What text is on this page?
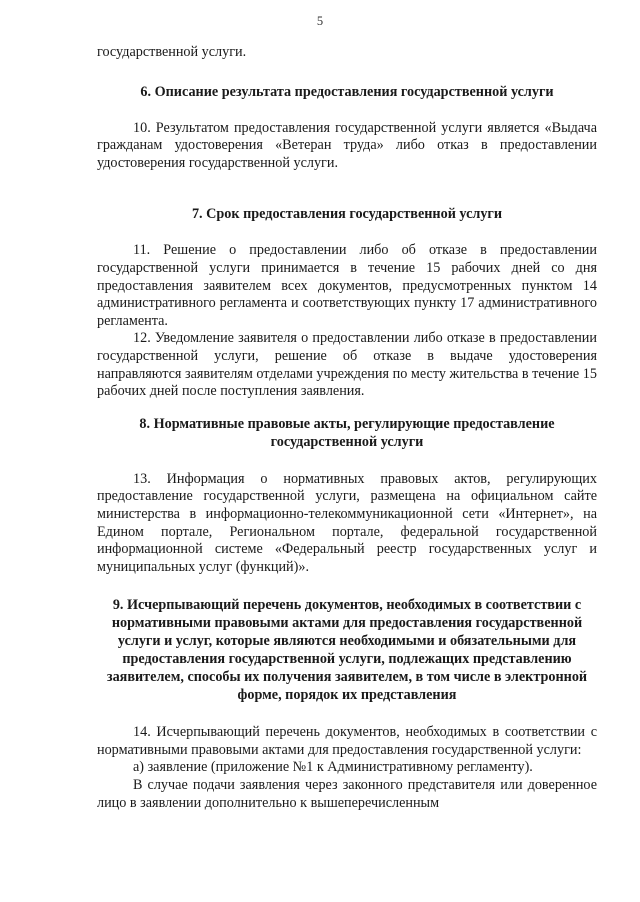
5

государственной услуги.

6. Описание результата предоставления государственной услуги

10. Результатом предоставления государственной услуги является «Выдача гражданам удостоверения «Ветеран труда» либо отказ в предоставлении удостоверения государственной услуги.

7. Срок предоставления государственной услуги

11. Решение о предоставлении либо об отказе в предоставлении государственной услуги принимается в течение 15 рабочих дней со дня предоставления заявителем всех документов, предусмотренных пунктом 14 административного регламента и соответствующих пункту 17 административного регламента.

12. Уведомление заявителя о предоставлении либо отказе в предоставлении государственной услуги, решение об отказе в выдаче удостоверения направляются заявителям отделами учреждения по месту жительства в течение 15 рабочих дней после поступления заявления.

8. Нормативные правовые акты, регулирующие предоставление государственной услуги

13. Информация о нормативных правовых актов, регулирующих предоставление государственной услуги, размещена на официальном сайте министерства в информационно-телекоммуникационной сети «Интернет», на Едином портале, Региональном портале, федеральной государственной информационной системе «Федеральный реестр государственных услуг и муниципальных услуг (функций)».

9. Исчерпывающий перечень документов, необходимых в соответствии с нормативными правовыми актами для предоставления государственной услуги и услуг, которые являются необходимыми и обязательными для предоставления государственной услуги, подлежащих представлению заявителем, способы их получения заявителем, в том числе в электронной форме, порядок их представления

14. Исчерпывающий перечень документов, необходимых в соответствии с нормативными правовыми актами для предоставления государственной услуги:

а) заявление (приложение №1 к Административному регламенту).

В случае подачи заявления через законного представителя или доверенное лицо в заявлении дополнительно к вышеперечисленным
